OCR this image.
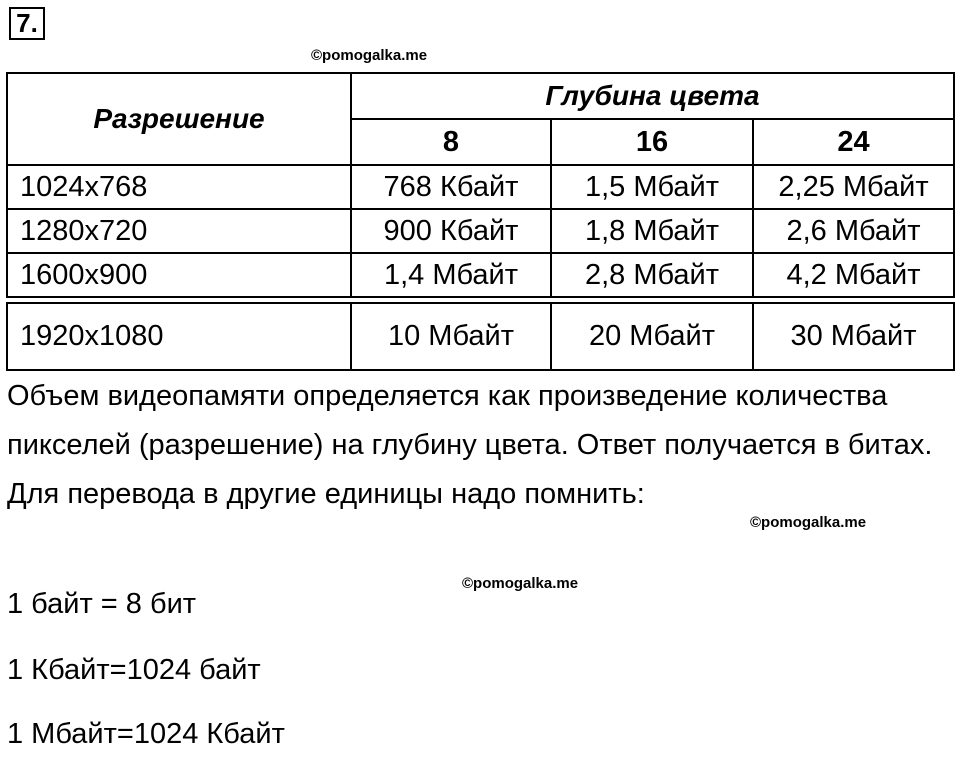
7.
©pomogalka.me
Разрешение	Глубина цвета		
	8	16	24
1024x768	768 Кбайт	1,5 Мбайт	2,25 Мбайт
1280x720	900 Кбайт	1,8 Мбайт	2,6 Мбайт
1600x900	1,4 Мбайт	2,8 Мбайт	4,2 Мбайт

1920x1080	10 Мбайт	20 Мбайт	30 Мбайт

Объем видеопамяти определяется как произведение количества пикселей (разрешение) на глубину цвета. Ответ получается в битах. Для перевода в другие единицы надо помнить:

©pomogalka.me
©pomogalka.me

1 байт = 8 бит

1 Кбайт=1024 байт

1 Мбайт=1024 Кбайт
